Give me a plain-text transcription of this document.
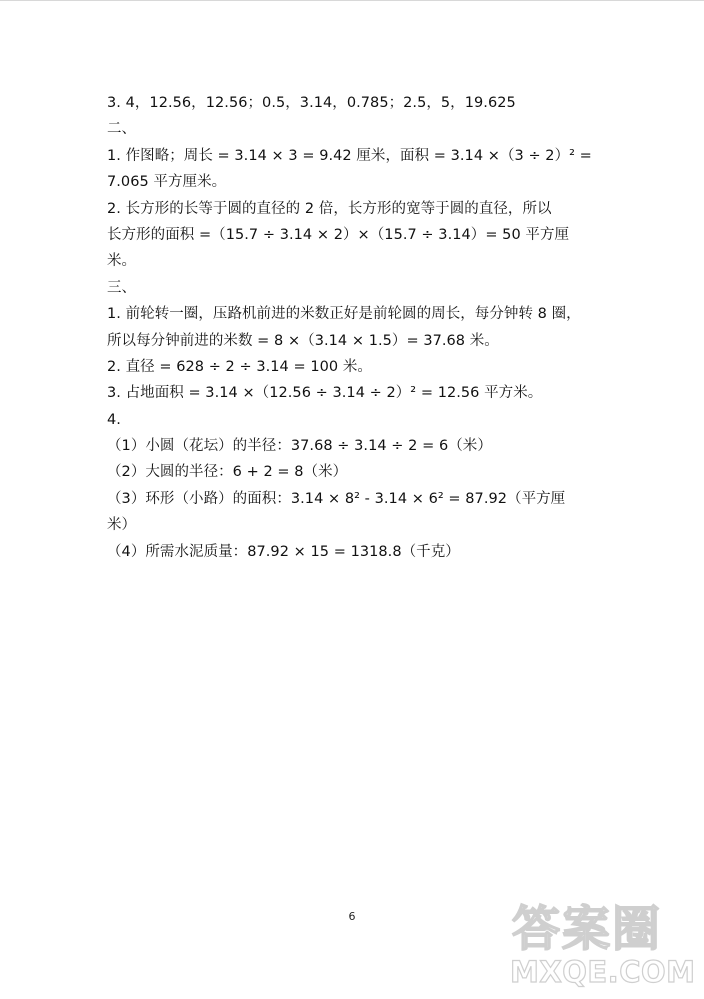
3. 4，12.56，12.56；0.5，3.14，0.785；2.5，5，19.625
二、
1. 作图略；周长 = 3.14 × 3 = 9.42 厘米，面积 = 3.14 ×（3 ÷ 2）² =
7.065 平方厘米。
2. 长方形的长等于圆的直径的 2 倍，长方形的宽等于圆的直径，所以
长方形的面积 =（15.7 ÷ 3.14 × 2）×（15.7 ÷ 3.14）= 50 平方厘
米。
三、
1. 前轮转一圈，压路机前进的米数正好是前轮圆的周长，每分钟转 8 圈，
所以每分钟前进的米数 = 8 ×（3.14 × 1.5）= 37.68 米。
2. 直径 = 628 ÷ 2 ÷ 3.14 = 100 米。
3. 占地面积 = 3.14 ×（12.56 ÷ 3.14 ÷ 2）² = 12.56 平方米。
4.
（1）小圆（花坛）的半径：37.68 ÷ 3.14 ÷ 2 = 6（米）
（2）大圆的半径：6 + 2 = 8（米）
（3）环形（小路）的面积：3.14 × 8² - 3.14 × 6² = 87.92（平方厘
米）
（4）所需水泥质量：87.92 × 15 = 1318.8（千克）
6	答案圈
MXQE.COM
